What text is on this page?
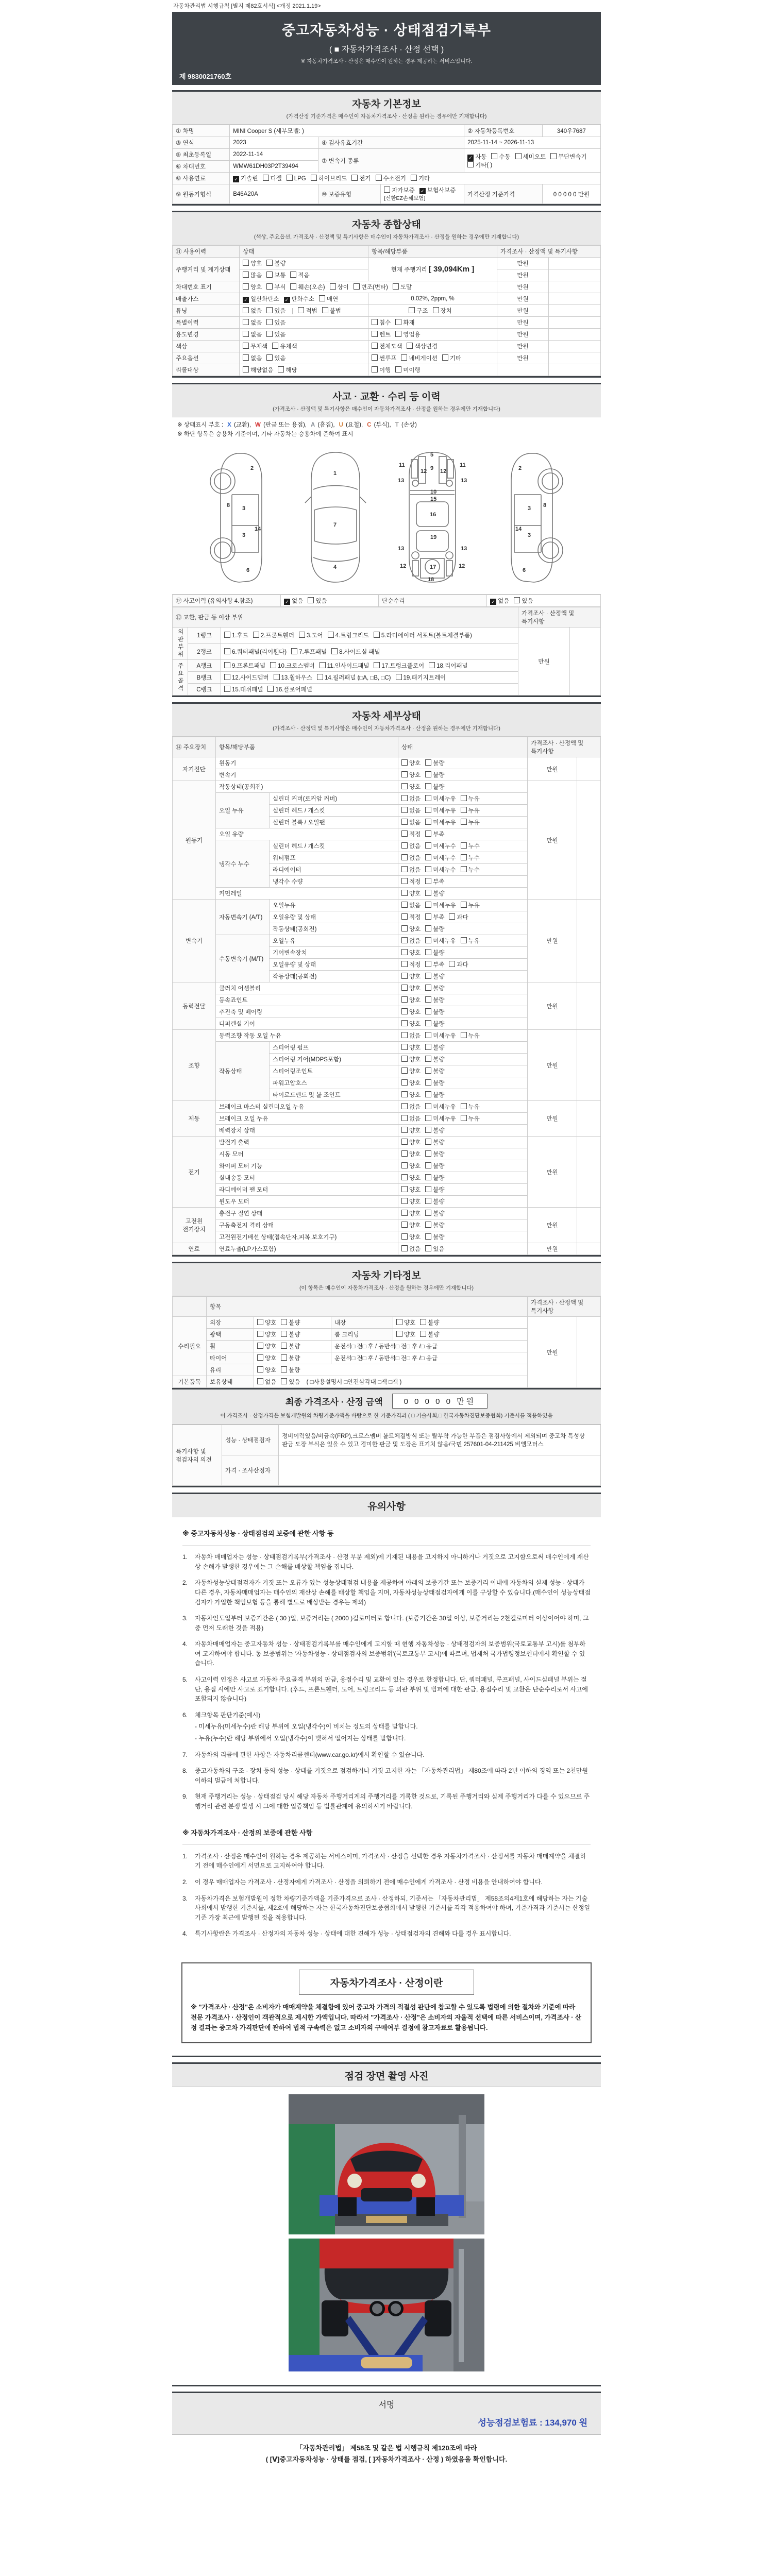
자동차관리법 시행규칙 [별지 제82호서식] <개정 2021.1.19>
중고자동차성능 · 상태점검기록부
( ■ 자동차가격조사 · 산정 선택 )
※ 자동차가격조사 · 산정은 매수인이 원하는 경우 제공하는 서비스입니다.
제 9830021760호
자동차 기본정보

(가격산정 기준가격은 매수인이 자동차가격조사 · 산정을 원하는 경우에만 기재합니다)

① 차명	MINI Cooper S (세부모델: )			② 자동차등록번호	340우7687
③ 연식	2023	④ 검사유효기간		2025-11-14 ~ 2026-11-13	
⑤ 최초등록일	2022-11-14	⑦ 변속기 종류		✓ 자동 수동 세미오토 무단변속기기타( )	
⑥ 차대번호	WMW61DH03P2T39494				
⑧ 사용연료	✓ 가솔린 디젤 LPG 하이브리드 전기 수소전기 기타				
⑨ 원동기형식	B46A20A	⑩ 보증유형	자가보증 ✓ 보험사보증[신한EZ손해보험]	가격산정 기준가격	0 0 0 0 0 만원
자동차 종합상태

(색상, 주요옵션, 가격조사 · 산정액 및 특기사항은 매수인이 자동차가격조사 · 산정을 원하는 경우에만 기재합니다)

⑪ 사용이력	상태	항목/해당부품	가격조사 · 산정액 및 특기사항	
주행거리 및 계기상태	양호 불량	현재 주행거리 [ 39,094Km ]	만원	
	많음 보통 적음		만원	
차대번호 표기	양호 부식 훼손(오손) 상이 변조(변타) 도말		만원	
배출가스	✓ 일산화탄소 ✓ 탄화수소 매연	0.02%, 2ppm, %	만원	
튜닝	없음 있음 적법 불법	구조 장치	만원	
특별이력	없음 있음	침수 화재	만원	
용도변경	없음 있음	렌트 영업용	만원	
색상	무채색 유채색	전체도색 색상변경	만원	
주요옵션	없음 있음	썬루프 네비게이션 기타	만원	
리콜대상	해당없음 해당	이행 미이행		
사고 · 교환 · 수리 등 이력

(가격조사 · 산정액 및 특기사항은 매수인이 자동차가격조사 · 산정을 원하는 경우에만 기재합니다)

※ 상태표시 부호 : X (교환), W (판금 또는 용접), A (흠집), U (요철), C (부식), T (손상)
※ 하단 항목은 승용차 기준이며, 기타 자동차는 승용차에 준하여 표시
2
8 3
3
14
6
1
7
4
5
9
11	11
13	13
12 12
10
15
16
13	13
19
12	12
17
18
2
8
3
3
14
6
⑫ 사고이력 (유의사항 4.참조)	✓ 없음 있음	단순수리	✓ 없음 있음
⑬ 교환, 판금 등 이상 부위			가격조사 · 산정액 및 특기사항	
외판부위	1랭크	1.후드 2.프론트휀더 3.도어 4.트렁크리드 5.라디에이터 서포트(볼트체결부품)	만원	
	2랭크	6.쿼터패널(리어휀다) 7.루프패널 8.사이드실 패널		
주요골격	A랭크	9.프론트패널 10.크로스멤버 11.인사이드패널 17.트렁크플로어 18.리어패널		
	B랭크	12.사이드멤버 13.휠하우스 14.필러패널 (□A, □B, □C) 19.패키지트레이		
	C랭크	15.대쉬패널 16.플로어패널		
자동차 세부상태

(가격조사 · 산정액 및 특기사항은 매수인이 자동차가격조사 · 산정을 원하는 경우에만 기재합니다)

⑭ 주요장치	항목/해당부품		상태	가격조사 · 산정액 및 특기사항	
자기진단	원동기		양호 불량	만원	
	변속기		양호 불량		
원동기	작동상태(공회전)		양호 불량	만원	
	오일 누유	실린더 커버(로커암 커버)	없음 미세누유 누유		
		실린더 헤드 / 개스킷	없음 미세누유 누유		
		실린더 블록 / 오일팬	없음 미세누유 누유		
	오일 유량		적정 부족		
	냉각수 누수	실린더 헤드 / 개스킷	없음 미세누수 누수		
		워터펌프	없음 미세누수 누수		
		라디에이터	없음 미세누수 누수		
		냉각수 수량	적정 부족		
	커먼레일		양호 불량		
변속기	자동변속기 (A/T)	오일누유	없음 미세누유 누유	만원	
		오일유량 및 상태	적정 부족 과다		
		작동상태(공회전)	양호 불량		
	수동변속기 (M/T)	오일누유	없음 미세누유 누유		
		기어변속장치	양호 불량		
		오일유량 및 상태	적정 부족 과다		
		작동상태(공회전)	양호 불량		
동력전달	클러치 어셈블리		양호 불량	만원	
	등속죠인트		양호 불량		
	추진축 및 베어링		양호 불량		
	디퍼렌셜 기어		양호 불량		
조향	동력조향 작동 오일 누유		없음 미세누유 누유	만원	
	작동상태	스티어링 펌프	양호 불량		
		스티어링 기어(MDPS포함)	양호 불량		
		스티어링조인트	양호 불량		
		파워고압호스	양호 불량		
		타이로드엔드 및 볼 조인트	양호 불량		
제동	브레이크 마스터 실린더오일 누유		없음 미세누유 누유	만원	
	브레이크 오일 누유		없음 미세누유 누유		
	배력장치 상태		양호 불량		
전기	발전기 출력		양호 불량	만원	
	시동 모터		양호 불량		
	와이퍼 모터 기능		양호 불량		
	실내송풍 모터		양호 불량		
	라디에이터 팬 모터		양호 불량		
	윈도우 모터		양호 불량		
고전원 전기장치	충전구 절연 상태		양호 불량	만원	
	구동축전지 격리 상태		양호 불량		
	고전원전기배선 상태(접속단자,피복,보호기구)		양호 불량		
연료	연료누출(LP가스포함)		없음 있음	만원	
자동차 기타정보

(이 항목은 매수인이 자동차가격조사 · 산정을 원하는 경우에만 기재합니다)

	항목				가격조사 · 산정액 및 특기사항	
수리필요	외장	양호 불량	내장	양호 불량	만원	
	광택	양호 불량	룸 크리닝	양호 불량		
	휠	양호 불량	운전석□ 전□ 후 / 동반석□ 전□ 후 /□ 응급			
	타이어	양호 불량	운전석□ 전□ 후 / 동반석□ 전□ 후 /□ 응급			
	유리	양호 불량				
기본품목	보유상태	없음 있음 ( □사용설명서 □안전삼각대 □잭 □잭 )				
최종 가격조사 · 산정 금액	0 0 0 0 0 만원
이 가격조사 · 산정가격은 보험개발원의 차량기준가액을 바탕으로 한 기준가격과 ( □ 기술사회,□ 한국자동차진단보증협회) 기준서를 적용하였음
특기사항 및 점검자의 의견	성능 · 상태점검자	정비이력있음/비금속(FRP),크로스멤버 볼트체결방식 또는 탈부착 가능한 부품은 점검사항에서 제외되며 중고차 특성상 판금 도장 부식은 있을 수 있고 경미한 판금 및 도장은 표기치 않음/국민 257601-04-211425 비엠모터스
	가격 · 조사산정자	
유의사항
※ 중고자동차성능 · 상태점검의 보증에 관한 사항 등
1.	자동차 매매업자는 성능 · 상태점검기록부(가격조사 · 산정 부분 제외)에 기재된 내용을 고지하지 아니하거나 거짓으로 고지함으로써 매수인에게 재산상 손해가 발생한 경우에는 그 손해를 배상할 책임을 집니다.
2.	자동차성능상태점검자가 거짓 또는 오류가 있는 성능상태점검 내용을 제공하여 아래의 보증기간 또는 보증거리 이내에 자동차의 실제 성능 · 상태가 다른 경우, 자동차매매업자는 매수인의 재산상 손해를 배상할 책임을 지며, 자동차성능상태점검자에게 이를 구상할 수 있습니다.(매수인이 성능상태점검자가 가입한 책임보험 등을 통해 별도로 배상받는 경우는 제외)
3.	자동차인도일부터 보증기간은 ( 30 )일, 보증거리는 ( 2000 )킬로미터로 합니다. (보증기간은 30일 이상, 보증거리는 2천킬로미터 이상이어야 하며, 그 중 먼저 도래한 것을 적용)
4.	자동차매매업자는 중고자동차 성능 · 상태점검기록부를 매수인에게 고지할 때 현행 자동차성능 · 상태점검자의 보증범위(국토교통부 고시)를 첨부하여 고지하여야 합니다. 동 보증범위는 '자동차성능 · 상태점검자의 보증범위'(국토교통부 고시)에 따르며, 법제처 국가법령정보센터에서 확인할 수 있습니다.
5.	사고이력 인정은 사고로 자동차 주요골격 부위의 판금, 용접수리 및 교환이 있는 경우로 한정합니다. 단, 쿼터패널, 루프패널, 사이드실패널 부위는 절단, 용접 시에만 사고로 표기합니다. (후드, 프론트휀더, 도어, 트렁크리드 등 외판 부위 및 범퍼에 대한 판금, 용접수리 및 교환은 단순수리로서 사고에 포함되지 않습니다)
6.	체크항목 판단기준(예시)
- 미세누유(미세누수)란 해당 부위에 오일(냉각수)이 비치는 정도의 상태를 말합니다.
- 누유(누수)란 해당 부위에서 오일(냉각수)이 맺혀서 떨어지는 상태를 말합니다.
7.	자동차의 리콜에 관한 사항은 자동차리콜센터(www.car.go.kr)에서 확인할 수 있습니다.
8.	중고자동차의 구조 · 장치 등의 성능 · 상태를 거짓으로 점검하거나 거짓 고지한 자는 「자동차관리법」 제80조에 따라 2년 이하의 징역 또는 2천만원 이하의 벌금에 처합니다.
9.	현재 주행거리는 성능 · 상태점검 당시 해당 자동차 주행거리계의 주행거리를 기록한 것으로, 기록된 주행거리와 실제 주행거리가 다를 수 있으므로 주행거리 관련 분쟁 발생 시 그에 대한 입증책임 등 법률관계에 유의하시기 바랍니다.
※ 자동차가격조사 · 산정의 보증에 관한 사항
1.	가격조사 · 산정은 매수인이 원하는 경우 제공하는 서비스이며, 가격조사 · 산정을 선택한 경우 자동차가격조사 · 산정서를 자동차 매매계약을 체결하기 전에 매수인에게 서면으로 고지하여야 합니다.
2.	이 경우 매매업자는 가격조사 · 산정자에게 가격조사 · 산정을 의뢰하기 전에 매수인에게 가격조사 · 산정 비용을 안내하여야 합니다.
3.	자동차가격은 보험개발원이 정한 차량기준가액을 기준가격으로 조사 · 산정하되, 기준서는 「자동차관리법」 제58조의4제1호에 해당하는 자는 기술사회에서 발행한 기준서를, 제2호에 해당하는 자는 한국자동차진단보증협회에서 발행한 기준서를 각각 적용하여야 하며, 기준가격과 기준서는 산정일 기준 가장 최근에 발행된 것을 적용합니다.
4.	특기사항란은 가격조사 · 산정자의 자동차 성능 · 상태에 대한 견해가 성능 · 상태점검자의 견해와 다를 경우 표시합니다.
자동차가격조사 · 산정이란
※ "가격조사 · 산정"은 소비자가 매매계약을 체결함에 있어 중고차 가격의 적절성 판단에 참고할 수 있도록 법령에 의한 절차와 기준에 따라 전문 가격조사 · 산정인이 객관적으로 제시한 가액입니다. 따라서 "가격조사 · 산정"은 소비자의 자율적 선택에 따른 서비스이며, 가격조사 · 산정 결과는 중고차 가격판단에 관하여 법적 구속력은 없고 소비자의 구매여부 결정에 참고자료로 활용됩니다.
점검 장면 촬영 사진
서명
성능점검보험료 : 134,970 원
「자동차관리법」 제58조 및 같은 법 시행규칙 제120조에 따라
( [Ⅴ]중고자동차성능 · 상태를 점검, [ ]자동차가격조사 · 산정 ) 하였음을 확인합니다.
